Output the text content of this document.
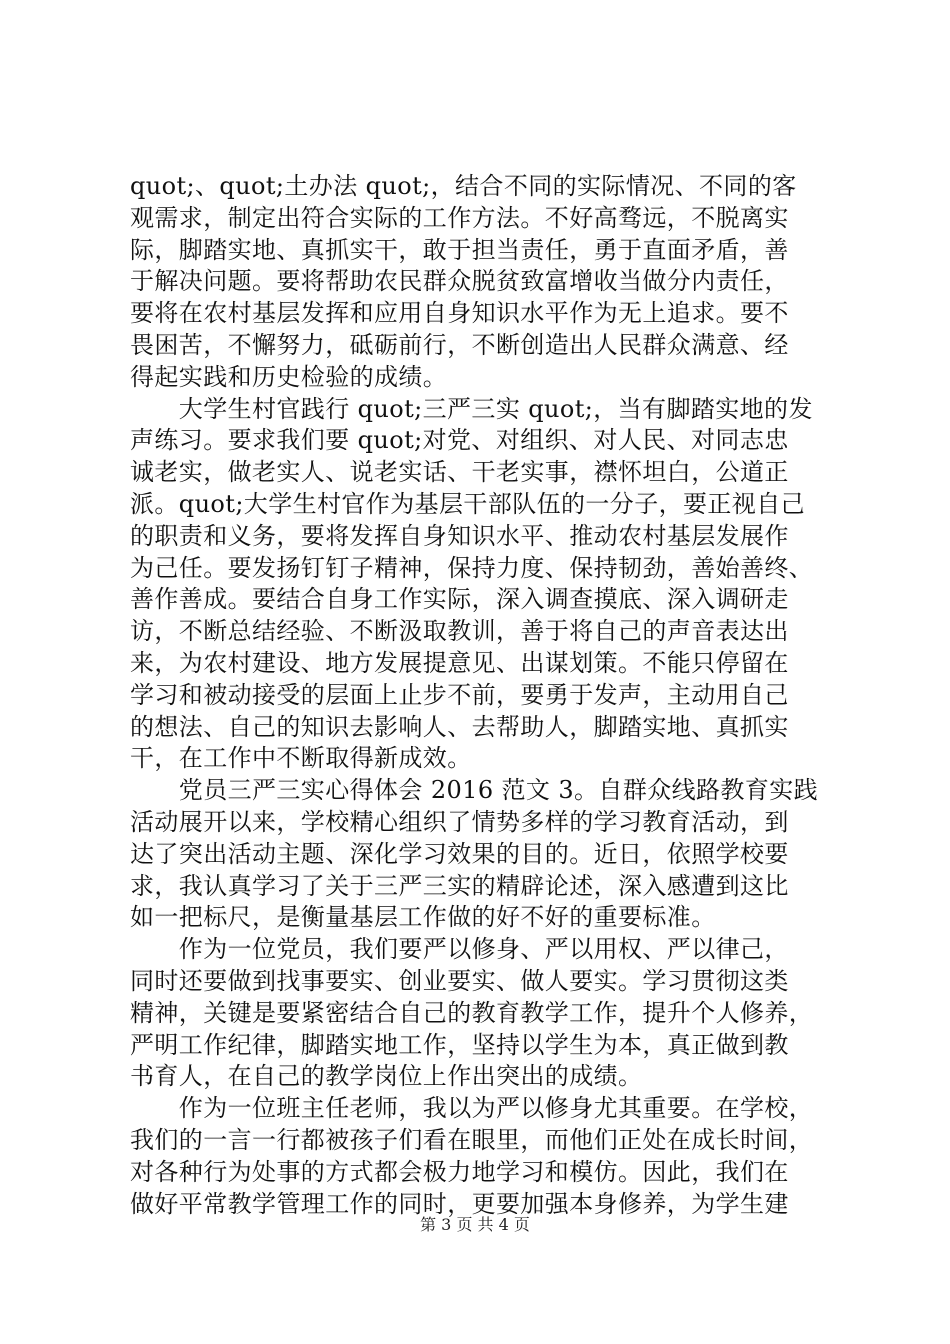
quot;、quot;土办法 quot;，结合不同的实际情况、不同的客
观需求，制定出符合实际的工作方法。不好高骛远，不脱离实
际，脚踏实地、真抓实干，敢于担当责任，勇于直面矛盾，善
于解决问题。要将帮助农民群众脱贫致富增收当做分内责任，
要将在农村基层发挥和应用自身知识水平作为无上追求。要不
畏困苦，不懈努力，砥砺前行，不断创造出人民群众满意、经
得起实践和历史检验的成绩。
　　大学生村官践行 quot;三严三实 quot;，当有脚踏实地的发
声练习。要求我们要 quot;对党、对组织、对人民、对同志忠
诚老实，做老实人、说老实话、干老实事，襟怀坦白，公道正
派。quot;大学生村官作为基层干部队伍的一分子，要正视自己
的职责和义务，要将发挥自身知识水平、推动农村基层发展作
为己任。要发扬钉钉子精神，保持力度、保持韧劲，善始善终、
善作善成。要结合自身工作实际，深入调查摸底、深入调研走
访，不断总结经验、不断汲取教训，善于将自己的声音表达出
来，为农村建设、地方发展提意见、出谋划策。不能只停留在
学习和被动接受的层面上止步不前，要勇于发声，主动用自己
的想法、自己的知识去影响人、去帮助人，脚踏实地、真抓实
干，在工作中不断取得新成效。
　　党员三严三实心得体会 2016 范文 3。自群众线路教育实践
活动展开以来，学校精心组织了情势多样的学习教育活动，到
达了突出活动主题、深化学习效果的目的。近日，依照学校要
求，我认真学习了关于三严三实的精辟论述，深入感遭到这比
如一把标尺，是衡量基层工作做的好不好的重要标准。
　　作为一位党员，我们要严以修身、严以用权、严以律己，
同时还要做到找事要实、创业要实、做人要实。学习贯彻这类
精神，关键是要紧密结合自己的教育教学工作，提升个人修养，
严明工作纪律，脚踏实地工作，坚持以学生为本，真正做到教
书育人，在自己的教学岗位上作出突出的成绩。
　　作为一位班主任老师，我以为严以修身尤其重要。在学校，
我们的一言一行都被孩子们看在眼里，而他们正处在成长时间，
对各种行为处事的方式都会极力地学习和模仿。因此，我们在
做好平常教学管理工作的同时，更要加强本身修养，为学生建
第 3 页 共 4 页
